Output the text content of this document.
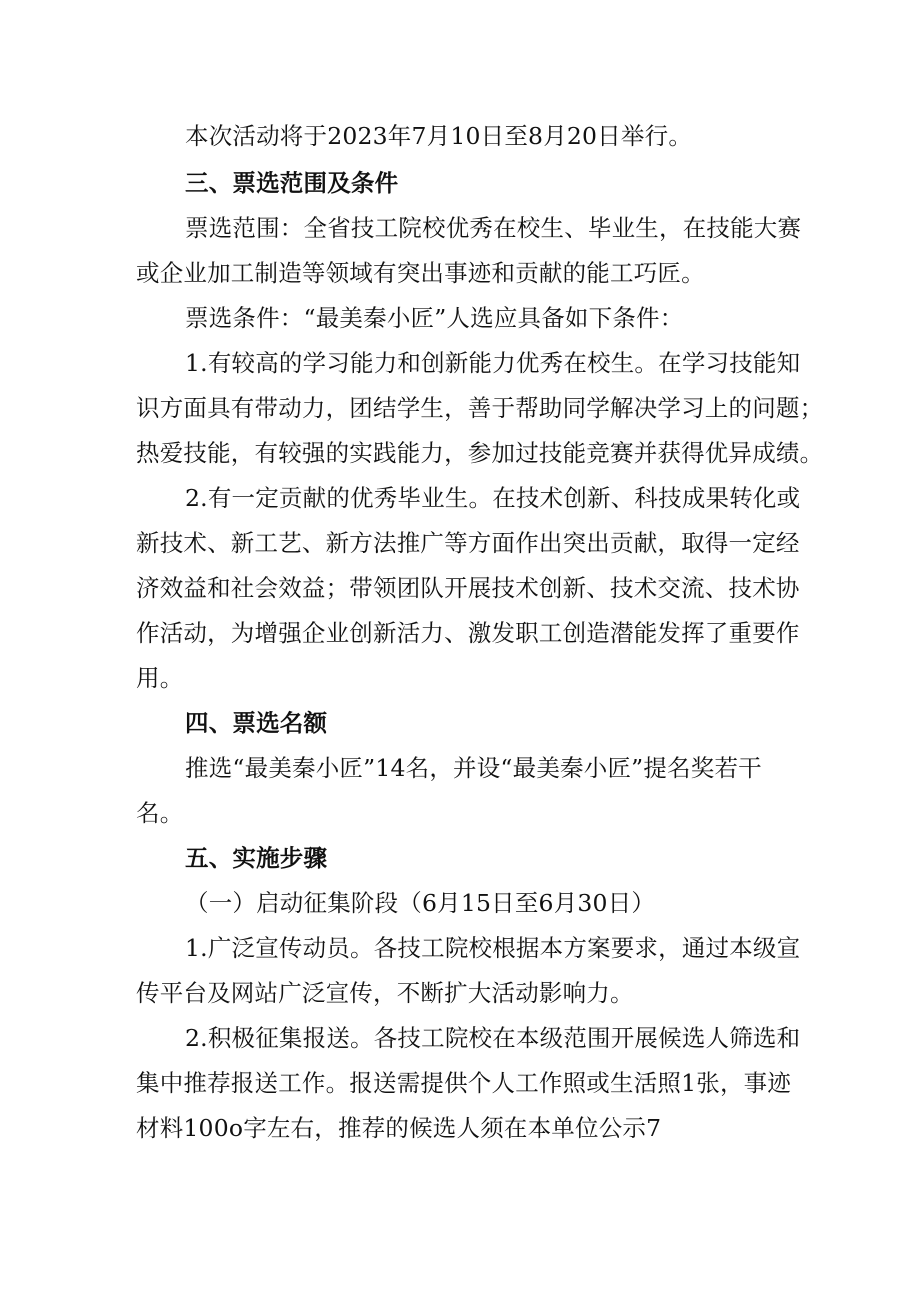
本次活动将于2023年7月10日至8月20日举行。
三、票选范围及条件
票选范围：全省技工院校优秀在校生、毕业生，在技能大赛
或企业加工制造等领域有突出事迹和贡献的能工巧匠。
票选条件：“最美秦小匠”人选应具备如下条件：
1.有较高的学习能力和创新能力优秀在校生。在学习技能知
识方面具有带动力，团结学生，善于帮助同学解决学习上的问题；
热爱技能，有较强的实践能力，参加过技能竞赛并获得优异成绩。
2.有一定贡献的优秀毕业生。在技术创新、科技成果转化或
新技术、新工艺、新方法推广等方面作出突出贡献，取得一定经
济效益和社会效益；带领团队开展技术创新、技术交流、技术协
作活动，为增强企业创新活力、激发职工创造潜能发挥了重要作
用。
四、票选名额
推选“最美秦小匠”14名，并设“最美秦小匠”提名奖若干
名。
五、实施步骤
（一）启动征集阶段（6月15日至6月30日）
1.广泛宣传动员。各技工院校根据本方案要求，通过本级宣
传平台及网站广泛宣传，不断扩大活动影响力。
2.积极征集报送。各技工院校在本级范围开展候选人筛选和
集中推荐报送工作。报送需提供个人工作照或生活照1张，事迹
材料100o字左右，推荐的候选人须在本单位公示7
